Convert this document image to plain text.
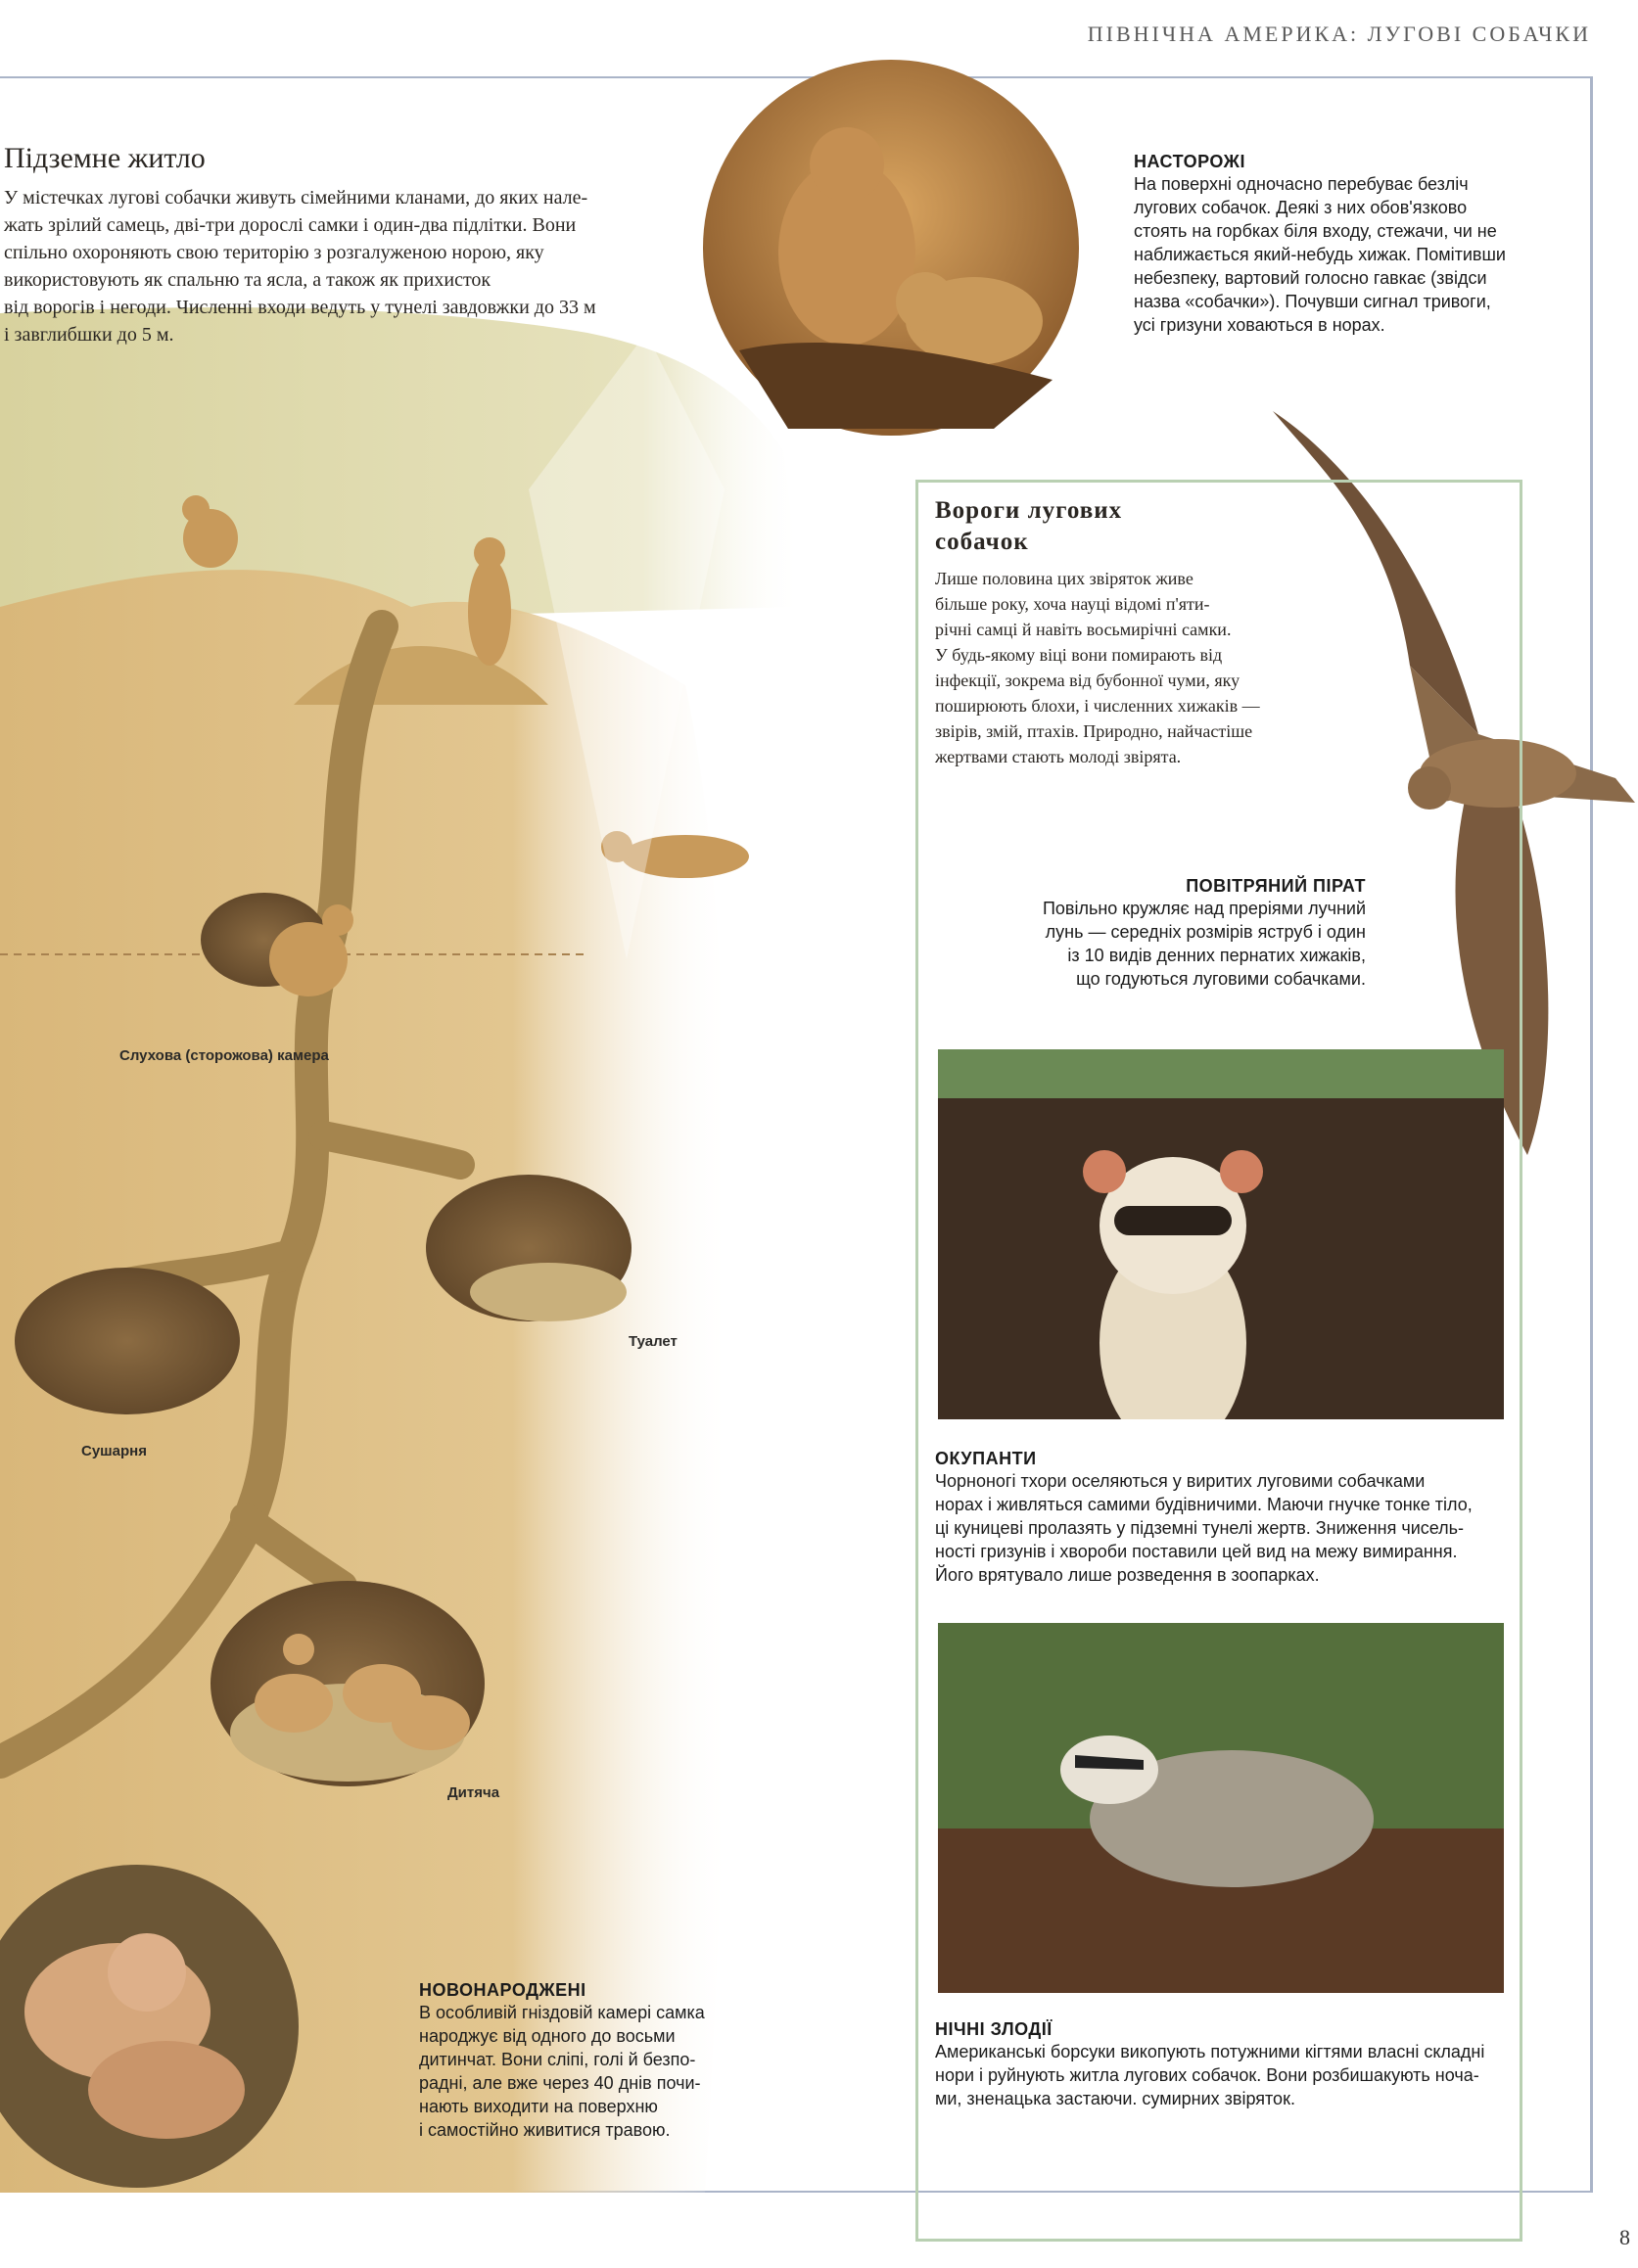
ПІВНІЧНА АМЕРИКА: ЛУГОВІ СОБАЧКИ
8
Підземне житло
У містечках лугові собачки живуть сімейними кланами, до яких нале-
жать зрілий самець, дві-три дорослі самки і один-два підлітки. Вони
спільно охороняють свою територію з розгалуженою норою, яку
використовують як спальню та ясла, а також як прихисток
від ворогів і негоди. Численні входи ведуть у тунелі завдовжки до 33 м
і завглибшки до 5 м.
Слухова (сторожова) камера
Туалет
Сушарня
Дитяча
НАСТОРОЖІ
На поверхні одночасно перебуває безліч
лугових собачок. Деякі з них обов'язково
стоять на горбках біля входу, стежачи, чи не
наближається який-небудь хижак. Помітивши
небезпеку, вартовий голосно гавкає (звідси
назва «собачки»). Почувши сигнал тривоги,
усі гризуни ховаються в норах.
Вороги лугових
собачок
Лише половина цих звіряток живе
більше року, хоча науці відомі п'яти-
річні самці й навіть восьмирічні самки.
У будь-якому віці вони помирають від
інфекції, зокрема від бубонної чуми, яку
поширюють блохи, і численних хижаків —
звірів, змій, птахів. Природно, найчастіше
жертвами стають молоді звірята.
ПОВІТРЯНИЙ ПІРАТ
Повільно кружляє над преріями лучний
лунь — середніх розмірів яструб і один
із 10 видів денних пернатих хижаків,
що годуються луговими собачками.
ОКУПАНТИ
Чорноногі тхори оселяються у виритих луговими собачками
норах і живляться самими будівничими. Маючи гнучке тонке тіло,
ці куницеві пролазять у підземні тунелі жертв. Зниження чисель-
ності гризунів і хвороби поставили цей вид на межу вимирання.
Його врятувало лише розведення в зоопарках.
НІЧНІ ЗЛОДІЇ
Американські борсуки викопують потужними кігтями власні складні
нори і руйнують житла лугових собачок. Вони розбишакують ноча-
ми, зненацька застаючи. сумирних звіряток.
НОВОНАРОДЖЕНІ
В особливій гніздовій камері самка
народжує від одного до восьми
дитинчат. Вони сліпі, голі й безпо-
радні, але вже через 40 днів почи-
нають виходити на поверхню
і самостійно живитися травою.
